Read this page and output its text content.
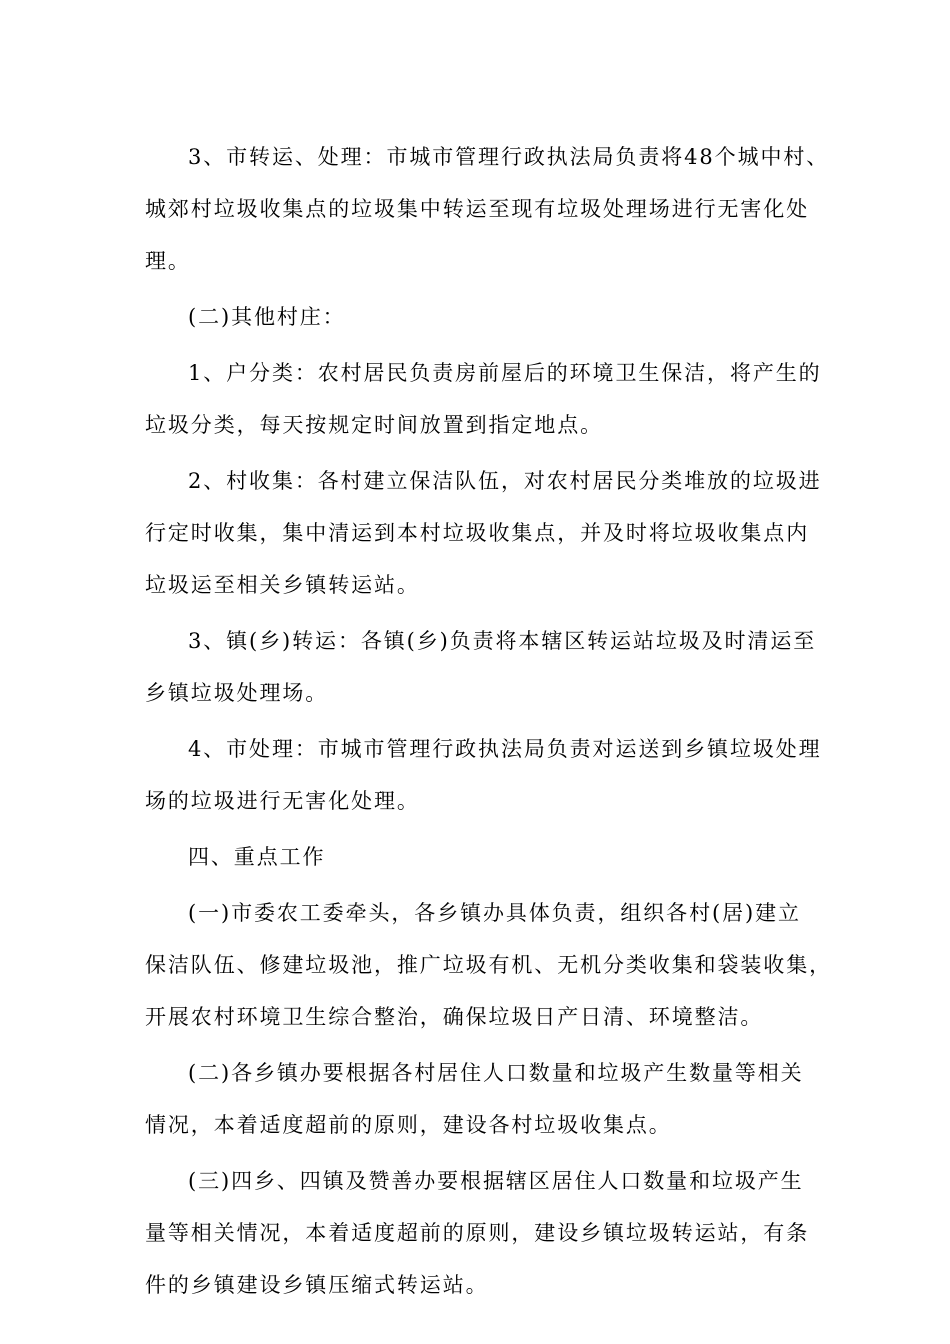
3、市转运、处理：市城市管理行政执法局负责将48个城中村、
城郊村垃圾收集点的垃圾集中转运至现有垃圾处理场进行无害化处
理。

(二)其他村庄：

1、户分类：农村居民负责房前屋后的环境卫生保洁，将产生的
垃圾分类，每天按规定时间放置到指定地点。

2、村收集：各村建立保洁队伍，对农村居民分类堆放的垃圾进
行定时收集，集中清运到本村垃圾收集点，并及时将垃圾收集点内
垃圾运至相关乡镇转运站。

3、镇(乡)转运：各镇(乡)负责将本辖区转运站垃圾及时清运至
乡镇垃圾处理场。

4、市处理：市城市管理行政执法局负责对运送到乡镇垃圾处理
场的垃圾进行无害化处理。

四、重点工作

(一)市委农工委牵头，各乡镇办具体负责，组织各村(居)建立
保洁队伍、修建垃圾池，推广垃圾有机、无机分类收集和袋装收集，
开展农村环境卫生综合整治，确保垃圾日产日清、环境整洁。

(二)各乡镇办要根据各村居住人口数量和垃圾产生数量等相关
情况，本着适度超前的原则，建设各村垃圾收集点。

(三)四乡、四镇及赞善办要根据辖区居住人口数量和垃圾产生
量等相关情况，本着适度超前的原则，建设乡镇垃圾转运站，有条
件的乡镇建设乡镇压缩式转运站。
